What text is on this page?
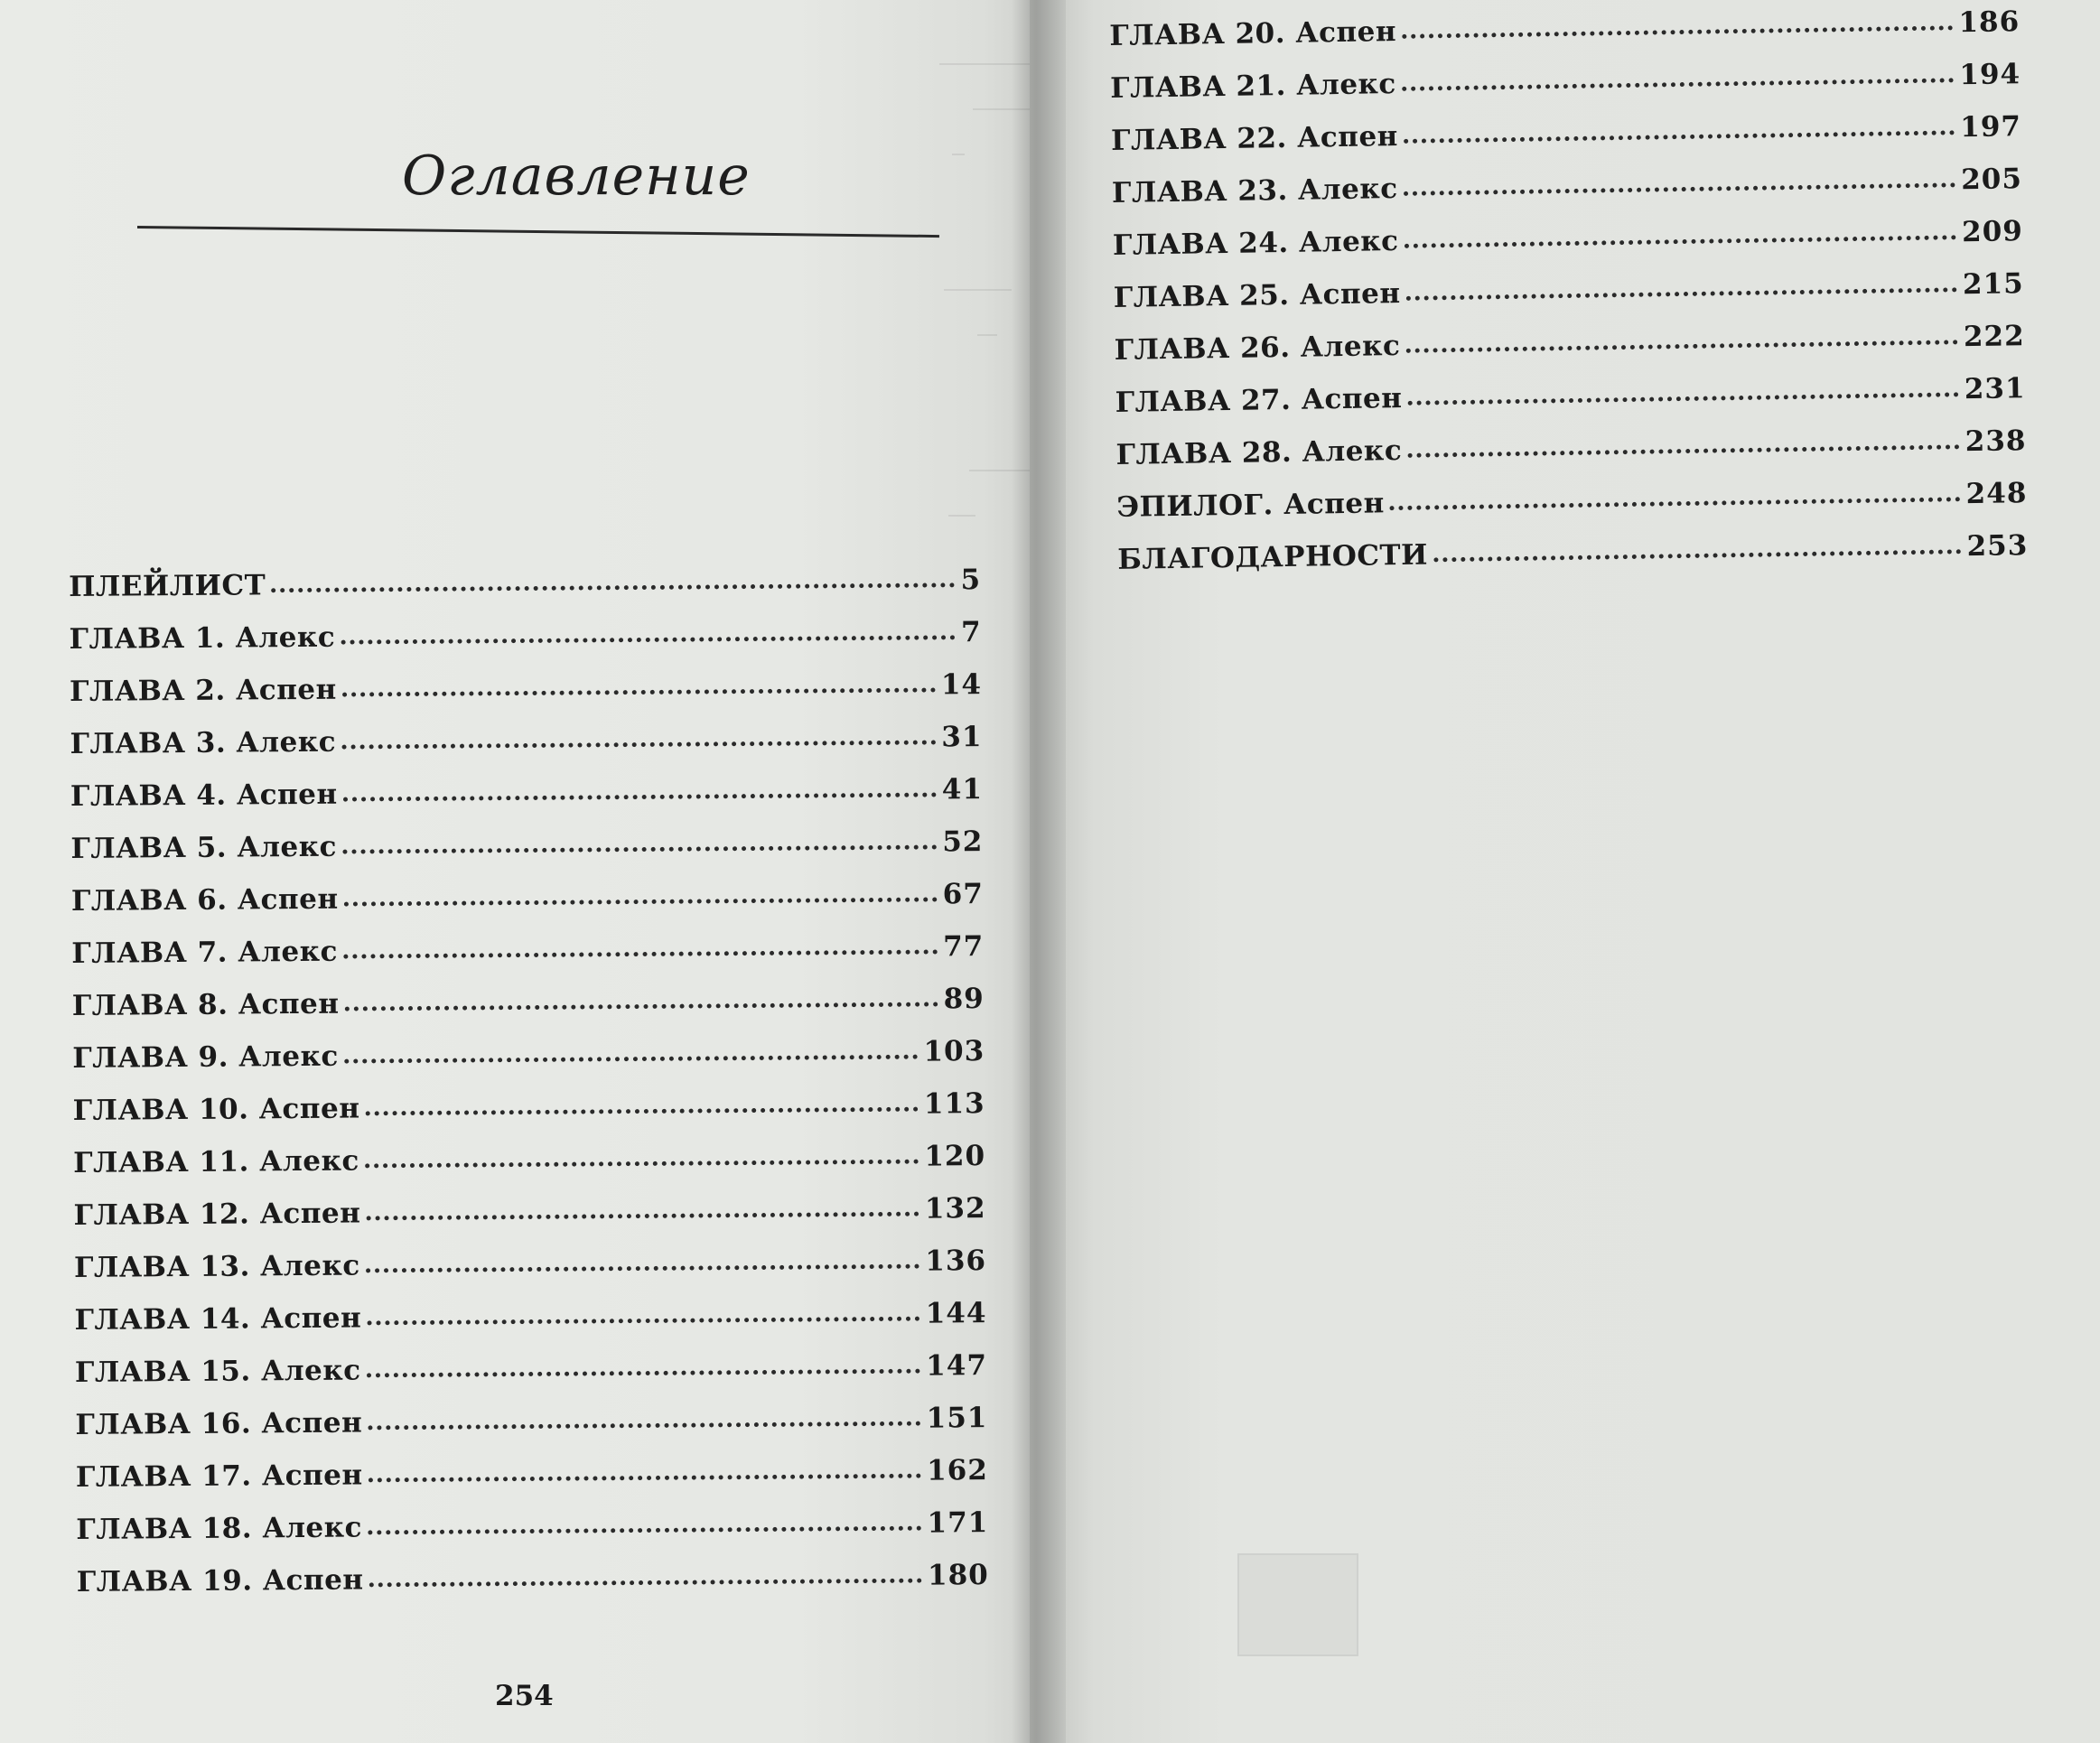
Оглавление
ПЛЕЙЛИСТ	5
ГЛАВА 1. Алекс	7
ГЛАВА 2. Аспен	14
ГЛАВА 3. Алекс	31
ГЛАВА 4. Аспен	41
ГЛАВА 5. Алекс	52
ГЛАВА 6. Аспен	67
ГЛАВА 7. Алекс	77
ГЛАВА 8. Аспен	89
ГЛАВА 9. Алекс	103
ГЛАВА 10. Аспен	113
ГЛАВА 11. Алекс	120
ГЛАВА 12. Аспен	132
ГЛАВА 13. Алекс	136
ГЛАВА 14. Аспен	144
ГЛАВА 15. Алекс	147
ГЛАВА 16. Аспен	151
ГЛАВА 17. Аспен	162
ГЛАВА 18. Алекс	171
ГЛАВА 19. Аспен	180
254
ГЛАВА 20. Аспен	186
ГЛАВА 21. Алекс	194
ГЛАВА 22. Аспен	197
ГЛАВА 23. Алекс	205
ГЛАВА 24. Алекс	209
ГЛАВА 25. Аспен	215
ГЛАВА 26. Алекс	222
ГЛАВА 27. Аспен	231
ГЛАВА 28. Алекс	238
ЭПИЛОГ. Аспен	248
БЛАГОДАРНОСТИ	253
